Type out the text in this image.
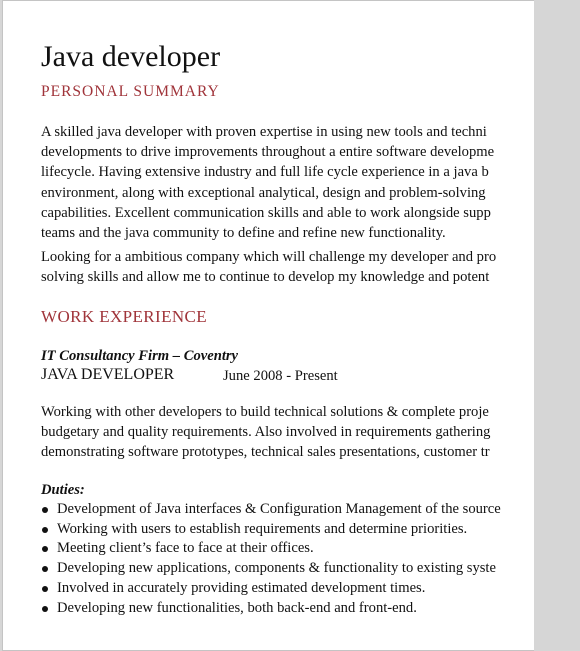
Java developer
PERSONAL SUMMARY

A skilled java developer with proven expertise in using new tools and techni
developments to drive improvements throughout a entire software developme
lifecycle. Having extensive industry and full life cycle experience in a java b
environment, along with exceptional analytical, design and problem-solving
capabilities. Excellent communication skills and able to work alongside supp
teams and the java community to define and refine new functionality.

Looking for a ambitious company which will challenge my developer and pro
solving skills and allow me to continue to develop my knowledge and potent

WORK EXPERIENCE
IT Consultancy Firm – Coventry
JAVA DEVELOPER	June 2008 - Present

Working with other developers to build technical solutions & complete proje
budgetary and quality requirements. Also involved in requirements gathering
demonstrating software prototypes, technical sales presentations, customer tr

Duties:
Development of Java interfaces & Configuration Management of the source
Working with users to establish requirements and determine priorities.
Meeting client’s face to face at their offices.
Developing new applications, components & functionality to existing syste
Involved in accurately providing estimated development times.
Developing new functionalities, both back-end and front-end.
